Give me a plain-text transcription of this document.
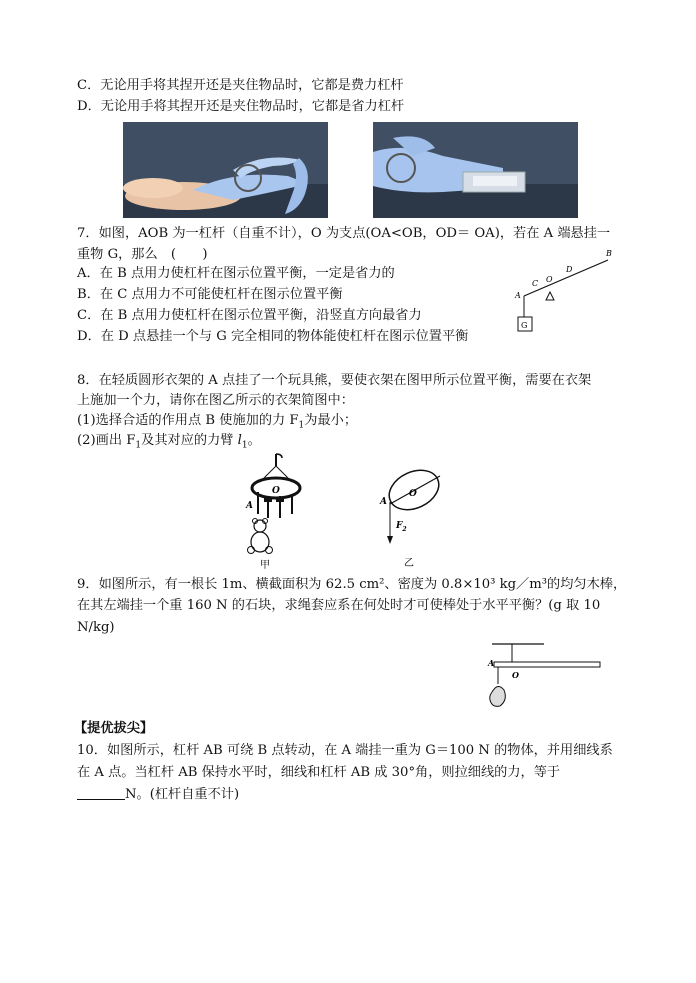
C．无论用手将其捏开还是夹住物品时，它都是费力杠杆
D．无论用手将其捏开还是夹住物品时，它都是省力杠杆
7．如图，AOB 为一杠杆（自重不计），O 为支点(OA<OB，OD＝ OA)，若在 A 端悬挂一
重物 G，那么　(　　)
A．在 B 点用力使杠杆在图示位置平衡，一定是省力的
B．在 C 点用力不可能使杠杆在图示位置平衡
C．在 B 点用力使杠杆在图示位置平衡，沿竖直方向最省力
D．在 D 点悬挂一个与 G 完全相同的物体能使杠杆在图示位置平衡
A
C O
D
B
G
8．在轻质圆形衣架的 A 点挂了一个玩具熊，要使衣架在图甲所示位置平衡，需要在衣架
上施加一个力，请你在图乙所示的衣架简图中：
(1)选择合适的作用点 B 使施加的力 $F_1$为最小；
(2)画出 $F_1$及其对应的力臂 $l_1$。
O
A
甲
A
O
$F_2$
乙
9．如图所示，有一根长 1m、横截面积为 62.5 cm²、密度为 0.8×10³ kg／m³的均匀木棒，
在其左端挂一个重 160 N 的石块，求绳套应系在何处时才可使棒处于水平平衡？(g 取 10
N/kg)
A
O
【提优拔尖】
10．如图所示，杠杆 AB 可绕 B 点转动，在 A 端挂一重为 G＝100 N 的物体，并用细线系
在 A 点。当杠杆 AB 保持水平时，细线和杠杆 AB 成 30°角，则拉细线的力，等于
N。(杠杆自重不计)
